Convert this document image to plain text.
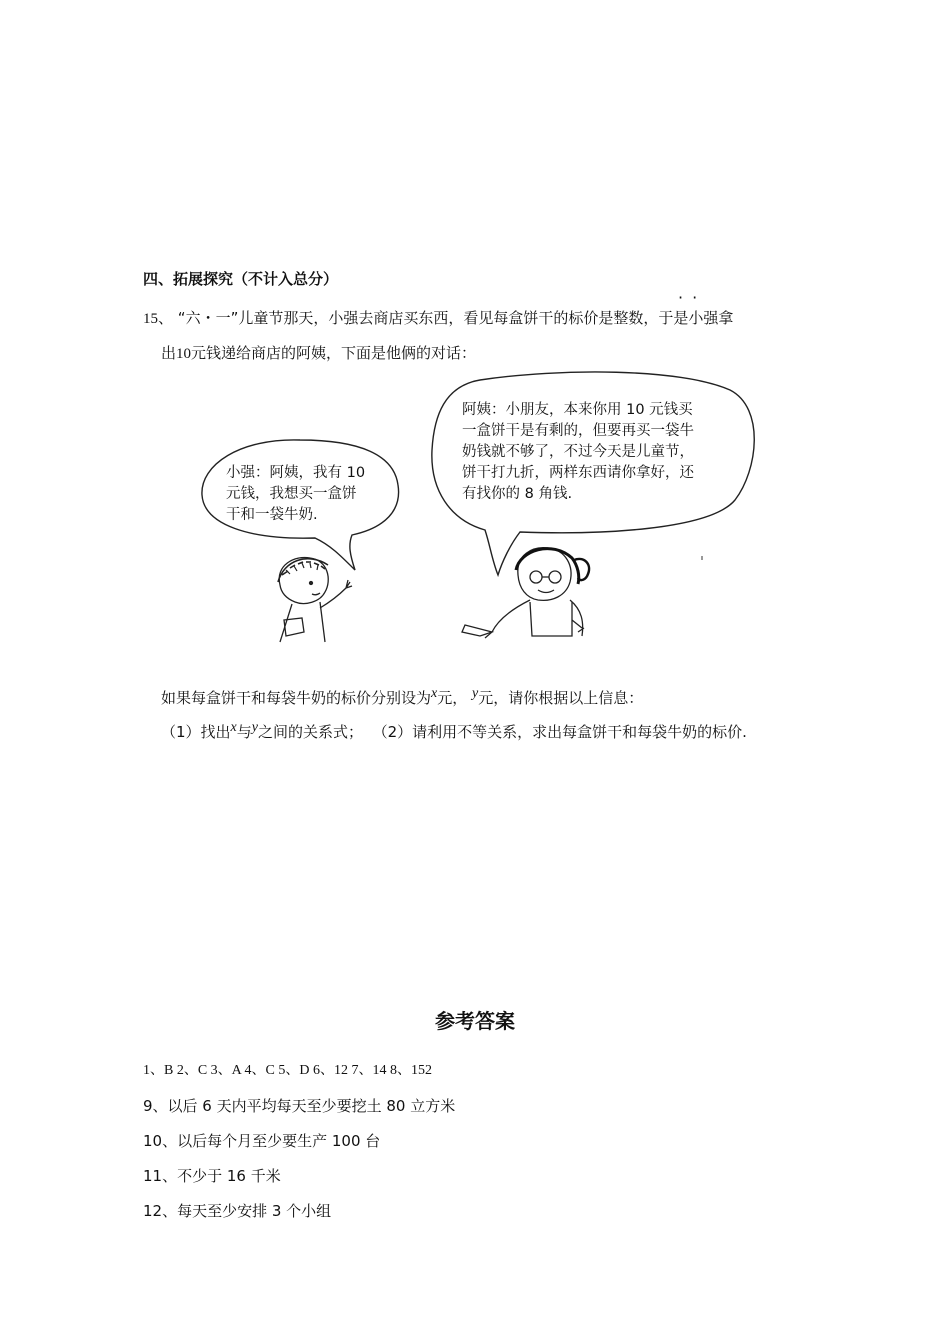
四、拓展探究（不计入总分）
··
15、 “六・一”儿童节那天，小强去商店买东西，看见每盒饼干的标价是整数，于是小强拿
出10元钱递给商店的阿姨，下面是他俩的对话：
小强：阿姨，我有 10
元钱，我想买一盒饼
干和一袋牛奶.
阿姨：小朋友，本来你用 10 元钱买
一盒饼干是有剩的，但要再买一袋牛
奶钱就不够了，不过今天是儿童节，
饼干打九折，两样东西请你拿好，还
有找你的 8 角钱.
如果每盒饼干和每袋牛奶的标价分别设为x元， y元，请你根据以上信息：
（1）找出x与y之间的关系式； （2）请利用不等关系，求出每盒饼干和每袋牛奶的标价.
参考答案
1、B 2、C 3、A 4、C 5、D 6、12 7、14 8、152
9、以后 6 天内平均每天至少要挖土 80 立方米
10、以后每个月至少要生产 100 台
11、不少于 16 千米
12、每天至少安排 3 个小组
